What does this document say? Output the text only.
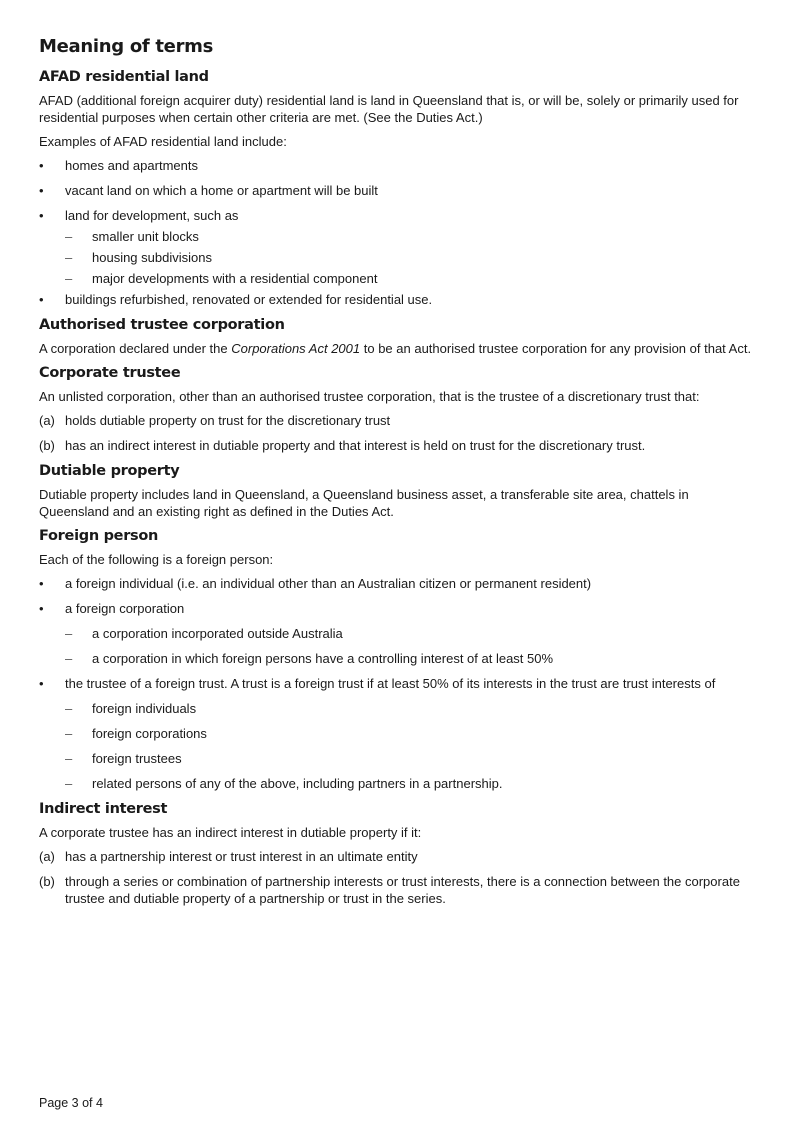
Meaning of terms
AFAD residential land

AFAD (additional foreign acquirer duty) residential land is land in Queensland that is, or will be, solely or primarily used for residential purposes when certain other criteria are met. (See the Duties Act.)

Examples of AFAD residential land include:

•	homes and apartments
•	vacant land on which a home or apartment will be built
•	land for development, such as
–	smaller unit blocks
–	housing subdivisions
–	major developments with a residential component
•	buildings refurbished, renovated or extended for residential use.
Authorised trustee corporation

A corporation declared under the Corporations Act 2001 to be an authorised trustee corporation for any provision of that Act.

Corporate trustee

An unlisted corporation, other than an authorised trustee corporation, that is the trustee of a discretionary trust that:

(a) holds dutiable property on trust for the discretionary trust
(b) has an indirect interest in dutiable property and that interest is held on trust for the discretionary trust.
Dutiable property

Dutiable property includes land in Queensland, a Queensland business asset, a transferable site area, chattels in Queensland and an existing right as defined in the Duties Act.

Foreign person

Each of the following is a foreign person:

•	a foreign individual (i.e. an individual other than an Australian citizen or permanent resident)
•	a foreign corporation
–	a corporation incorporated outside Australia
–	a corporation in which foreign persons have a controlling interest of at least 50%
•	the trustee of a foreign trust. A trust is a foreign trust if at least 50% of its interests in the trust are trust interests of
–	foreign individuals
–	foreign corporations
–	foreign trustees
–	related persons of any of the above, including partners in a partnership.
Indirect interest

A corporate trustee has an indirect interest in dutiable property if it:

(a) has a partnership interest or trust interest in an ultimate entity
(b) through a series or combination of partnership interests or trust interests, there is a connection between the corporate trustee and dutiable property of a partnership or trust in the series.
Page 3 of 4
